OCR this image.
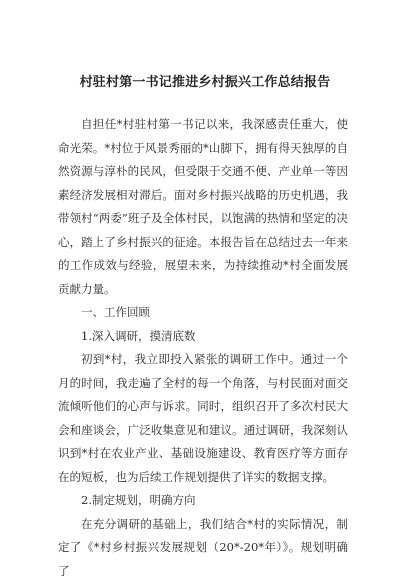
村驻村第一书记推进乡村振兴工作总结报告

自担任*村驻村第一书记以来，我深感责任重大，使命光荣。*村位于风景秀丽的*山脚下，拥有得天独厚的自然资源与淳朴的民风，但受限于交通不便、产业单一等因素经济发展相对滞后。面对乡村振兴战略的历史机遇，我带领村“两委”班子及全体村民，以饱满的热情和坚定的决心，踏上了乡村振兴的征途。本报告旨在总结过去一年来的工作成效与经验，展望未来，为持续推动*村全面发展贡献力量。

一、工作回顾

1.深入调研，摸清底数

初到*村，我立即投入紧张的调研工作中。通过一个月的时间，我走遍了全村的每一个角落，与村民面对面交流倾听他们的心声与诉求。同时，组织召开了多次村民大会和座谈会，广泛收集意见和建议。通过调研，我深刻认识到*村在农业产业、基础设施建设、教育医疗等方面存在的短板，也为后续工作规划提供了详实的数据支撑。

2.制定规划，明确方向

在充分调研的基础上，我们结合*村的实际情况，制定了《*村乡村振兴发展规划（20*-20*年）》。规划明确了
